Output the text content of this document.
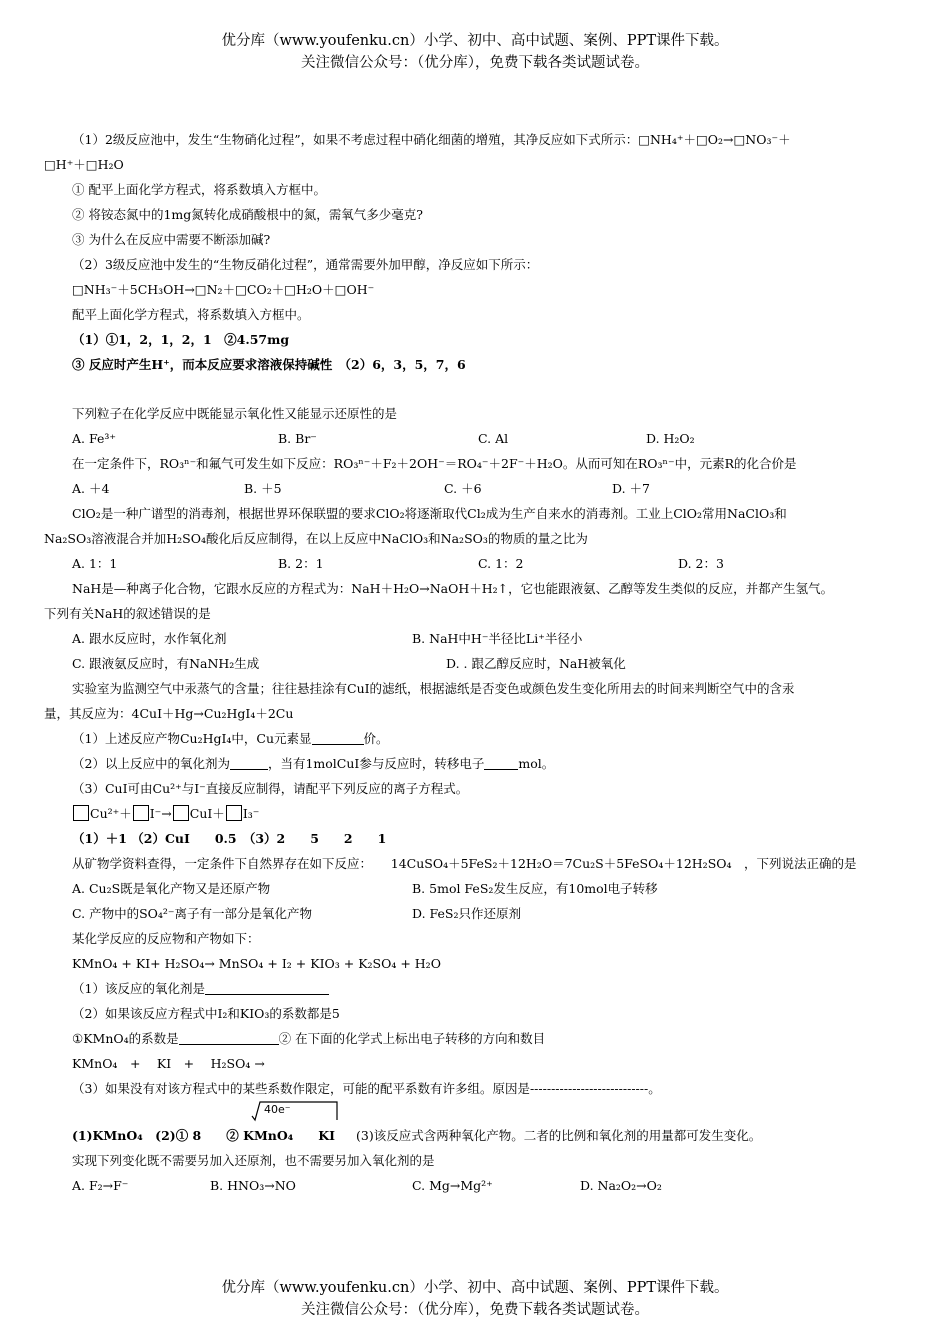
优分库（www.youfenku.cn）小学、初中、高中试题、案例、PPT课件下载。
关注微信公众号：（优分库），免费下载各类试题试卷。
（1）2级反应池中，发生“生物硝化过程”，如果不考虑过程中硝化细菌的增殖，其净反应如下式所示：□NH₄⁺＋□O₂→□NO₃⁻＋
□H⁺＋□H₂O
① 配平上面化学方程式，将系数填入方框中。
② 将铵态氮中的1mg氮转化成硝酸根中的氮，需氧气多少毫克?
③ 为什么在反应中需要不断添加碱?
（2）3级反应池中发生的“生物反硝化过程”，通常需要外加甲醇，净反应如下所示：
□NH₃⁻＋5CH₃OH→□N₂＋□CO₂＋□H₂O＋□OH⁻
配平上面化学方程式，将系数填入方框中。
（1）①1，2，1，2，1　②4.57mg
③ 反应时产生H⁺，而本反应要求溶液保持碱性　（2）6，3，5，7，6
下列粒子在化学反应中既能显示氧化性又能显示还原性的是
A. Fe³⁺	B. Br⁻	C. Al	D. H₂O₂
在一定条件下，RO₃ⁿ⁻和氟气可发生如下反应：RO₃ⁿ⁻＋F₂＋2OH⁻＝RO₄⁻＋2F⁻＋H₂O。从而可知在RO₃ⁿ⁻中，元素R的化合价是
A. ＋4	B. ＋5	C. ＋6	D. ＋7
ClO₂是一种广谱型的消毒剂，根据世界环保联盟的要求ClO₂将逐渐取代Cl₂成为生产自来水的消毒剂。工业上ClO₂常用NaClO₃和
Na₂SO₃溶液混合并加H₂SO₄酸化后反应制得，在以上反应中NaClO₃和Na₂SO₃的物质的量之比为
A. 1：1	B. 2：1	C. 1：2	D. 2：3
NaH是—种离子化合物，它跟水反应的方程式为：NaH＋H₂O→NaOH＋H₂↑，它也能跟液氨、乙醇等发生类似的反应，并都产生氢气。
下列有关NaH的叙述错误的是
A. 跟水反应时，水作氧化剂	B. NaH中H⁻半径比Li⁺半径小
C. 跟液氨反应时，有NaNH₂生成	D. . 跟乙醇反应时，NaH被氧化
实验室为监测空气中汞蒸气的含量；往往悬挂涂有CuI的滤纸，根据滤纸是否变色或颜色发生变化所用去的时间来判断空气中的含汞
量，其反应为：4CuI＋Hg→Cu₂HgI₄＋2Cu
（1）上述反应产物Cu₂HgI₄中，Cu元素显	价。
（2）以上反应中的氧化剂为	，当有1molCuI参与反应时，转移电子	mol。
（3）CuI可由Cu²⁺与I⁻直接反应制得，请配平下列反应的离子方程式。
Cu²⁺＋ I⁻→ CuI＋ I₃⁻
（1）＋1 （2）CuI　　0.5　（3）2　　5　　2　　1
从矿物学资料查得，一定条件下自然界存在如下反应：　　14CuSO₄＋5FeS₂＋12H₂O＝7Cu₂S＋5FeSO₄＋12H₂SO₄　，下列说法正确的是
A. Cu₂S既是氧化产物又是还原产物	B. 5mol FeS₂发生反应，有10mol电子转移
C. 产物中的SO₄²⁻离子有一部分是氧化产物	D. FeS₂只作还原剂
某化学反应的反应物和产物如下：
KMnO₄ + KI+ H₂SO₄→ MnSO₄ + I₂ + KIO₃ + K₂SO₄ + H₂O
（1）该反应的氧化剂是
（2）如果该反应方程式中I₂和KIO₃的系数都是5
①KMnO₄的系数是	② 在下面的化学式上标出电子转移的方向和数目
KMnO₄　+　 KI　+　 H₂SO₄ →
（3）如果没有对该方程式中的某些系数作限定，可能的配平系数有许多组。原因是----------------------------。
40e⁻
(1)KMnO₄　(2)① 8　　② KMnO₄　　KI (3)该反应式含两种氧化产物。二者的比例和氧化剂的用量都可发生变化。
实现下列变化既不需要另加入还原剂，也不需要另加入氧化剂的是
A. F₂→F⁻	B. HNO₃→NO	C. Mg→Mg²⁺	D. Na₂O₂→O₂
优分库（www.youfenku.cn）小学、初中、高中试题、案例、PPT课件下载。
关注微信公众号：（优分库），免费下载各类试题试卷。
